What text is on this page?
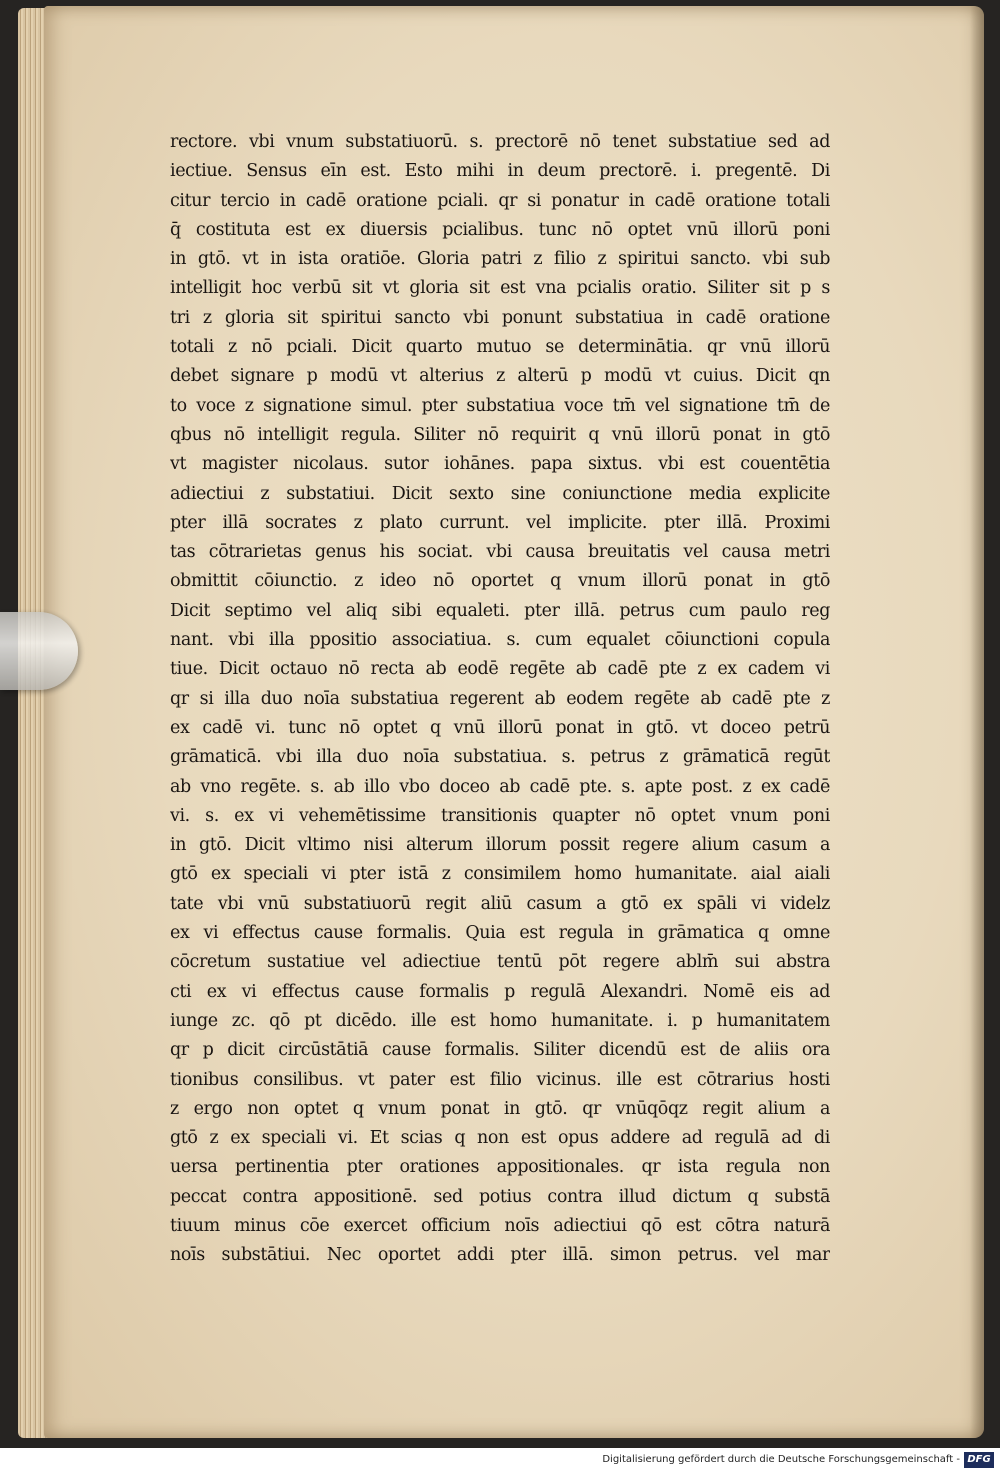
rectore. vbi vnum substatiuorū. s. prectorē nō tenet substatiue sed ad
iectiue. Sensus eīn est. Esto mihi in deum prectorē. i. pregentē. Di
citur tercio in cadē oratione pciali. qr si ponatur in cadē oratione totali
q̄ costituta est ex diuersis pcialibus. tunc nō optet vnū illorū poni
in gtō. vt in ista oratiōe. Gloria patri z filio z spiritui sancto. vbi sub
intelligit hoc verbū sit vt gloria sit est vna pcialis oratio. Siliter sit p s
tri z gloria sit spiritui sancto vbi ponunt substatiua in cadē oratione
totali z nō pciali. Dicit quarto mutuo se determinātia. qr vnū illorū
debet signare p modū vt alterius z alterū p modū vt cuius. Dicit qn
to voce z signatione simul. pter substatiua voce tm̄ vel signatione tm̄ de
qbus nō intelligit regula. Siliter nō requirit q vnū illorū ponat in gtō
vt magister nicolaus. sutor iohānes. papa sixtus. vbi est couentētia
adiectiui z substatiui. Dicit sexto sine coniunctione media explicite
pter illā socrates z plato currunt. vel implicite. pter illā. Proximi
tas cōtrarietas genus his sociat. vbi causa breuitatis vel causa metri
obmittit cōiunctio. z ideo nō oportet q vnum illorū ponat in gtō
Dicit septimo vel aliq sibi equaleti. pter illā. petrus cum paulo reg
nant. vbi illa ppositio associatiua. s. cum equalet cōiunctioni copula
tiue. Dicit octauo nō recta ab eodē regēte ab cadē pte z ex cadem vi
qr si illa duo noīa substatiua regerent ab eodem regēte ab cadē pte z
ex cadē vi. tunc nō optet q vnū illorū ponat in gtō. vt doceo petrū
grāmaticā. vbi illa duo noīa substatiua. s. petrus z grāmaticā regūt
ab vno regēte. s. ab illo vbo doceo ab cadē pte. s. apte post. z ex cadē
vi. s. ex vi vehemētissime transitionis quapter nō optet vnum poni
in gtō. Dicit vltimo nisi alterum illorum possit regere alium casum a
gtō ex speciali vi pter istā z consimilem homo humanitate. aial aiali
tate vbi vnū substatiuorū regit aliū casum a gtō ex spāli vi videlz
ex vi effectus cause formalis. Quia est regula in grāmatica q omne
cōcretum sustatiue vel adiectiue tentū pōt regere ablm̄ sui abstra
cti ex vi effectus cause formalis p regulā Alexandri. Nomē eis ad
iunge zc. qō pt dicēdo. ille est homo humanitate. i. p humanitatem
qr p dicit circūstātiā cause formalis. Siliter dicendū est de aliis ora
tionibus consilibus. vt pater est filio vicinus. ille est cōtrarius hosti
z ergo non optet q vnum ponat in gtō. qr vnūqōqz regit alium a
gtō z ex speciali vi. Et scias q non est opus addere ad regulā ad di
uersa pertinentia pter orationes appositionales. qr ista regula non
peccat contra appositionē. sed potius contra illud dictum q substā
tiuum minus cōe exercet officium noīs adiectiui qō est cōtra naturā
noīs substātiui. Nec oportet addi pter illā. simon petrus. vel mar
Digitalisierung gefördert durch die Deutsche Forschungsgemeinschaft - DFG
